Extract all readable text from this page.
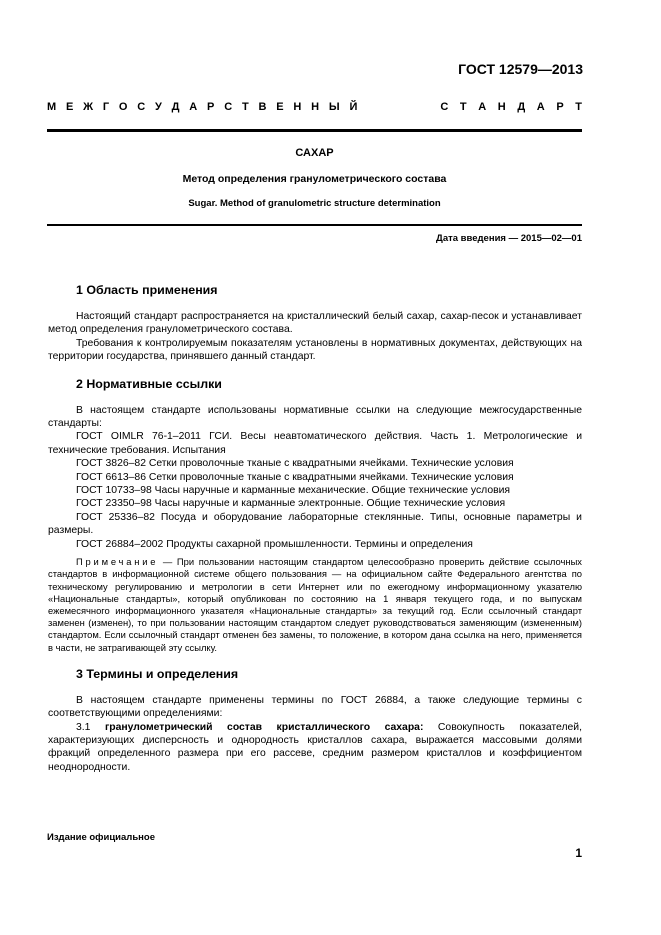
ГОСТ 12579—2013
М Е Ж Г О С У Д А Р С Т В Е Н Н Ы Й	С Т А Н Д А Р Т
САХАР
Метод определения гранулометрического состава
Sugar. Method of granulometric structure determination
Дата введения — 2015—02—01
1 Область применения

Настоящий стандарт распространяется на кристаллический белый сахар, сахар-песок и устанавливает метод определения гранулометрического состава.

Требования к контролируемым показателям установлены в нормативных документах, действующих на территории государства, принявшего данный стандарт.

2 Нормативные ссылки

В настоящем стандарте использованы нормативные ссылки на следующие межгосударственные стандарты:

ГОСТ OIMLR 76-1–2011 ГСИ. Весы неавтоматического действия. Часть 1. Метрологические и технические требования. Испытания

ГОСТ 3826–82 Сетки проволочные тканые с квадратными ячейками. Технические условия

ГОСТ 6613–86 Сетки проволочные тканые с квадратными ячейками. Технические условия

ГОСТ 10733–98 Часы наручные и карманные механические. Общие технические условия

ГОСТ 23350–98 Часы наручные и карманные электронные. Общие технические условия

ГОСТ 25336–82 Посуда и оборудование лабораторные стеклянные. Типы, основные параметры и размеры.

ГОСТ 26884–2002 Продукты сахарной промышленности. Термины и определения

Примечание — При пользовании настоящим стандартом целесообразно проверить действие ссылочных стандартов в информационной системе общего пользования — на официальном сайте Федерального агентства по техническому регулированию и метрологии в сети Интернет или по ежегодному информационному указателю «Национальные стандарты», который опубликован по состоянию на 1 января текущего года, и по выпускам ежемесячного информационного указателя «Национальные стандарты» за текущий год. Если ссылочный стандарт заменен (изменен), то при пользовании настоящим стандартом следует руководствоваться заменяющим (измененным) стандартом. Если ссылочный стандарт отменен без замены, то положение, в котором дана ссылка на него, применяется в части, не затрагивающей эту ссылку.

3 Термины и определения

В настоящем стандарте применены термины по ГОСТ 26884, а также следующие термины с соответствующими определениями:

3.1 гранулометрический состав кристаллического сахара: Совокупность показателей, характеризующих дисперсность и однородность кристаллов сахара, выражается массовыми долями фракций определенного размера при его рассеве, средним размером кристаллов и коэффициентом неоднородности.

Издание официальное
1
